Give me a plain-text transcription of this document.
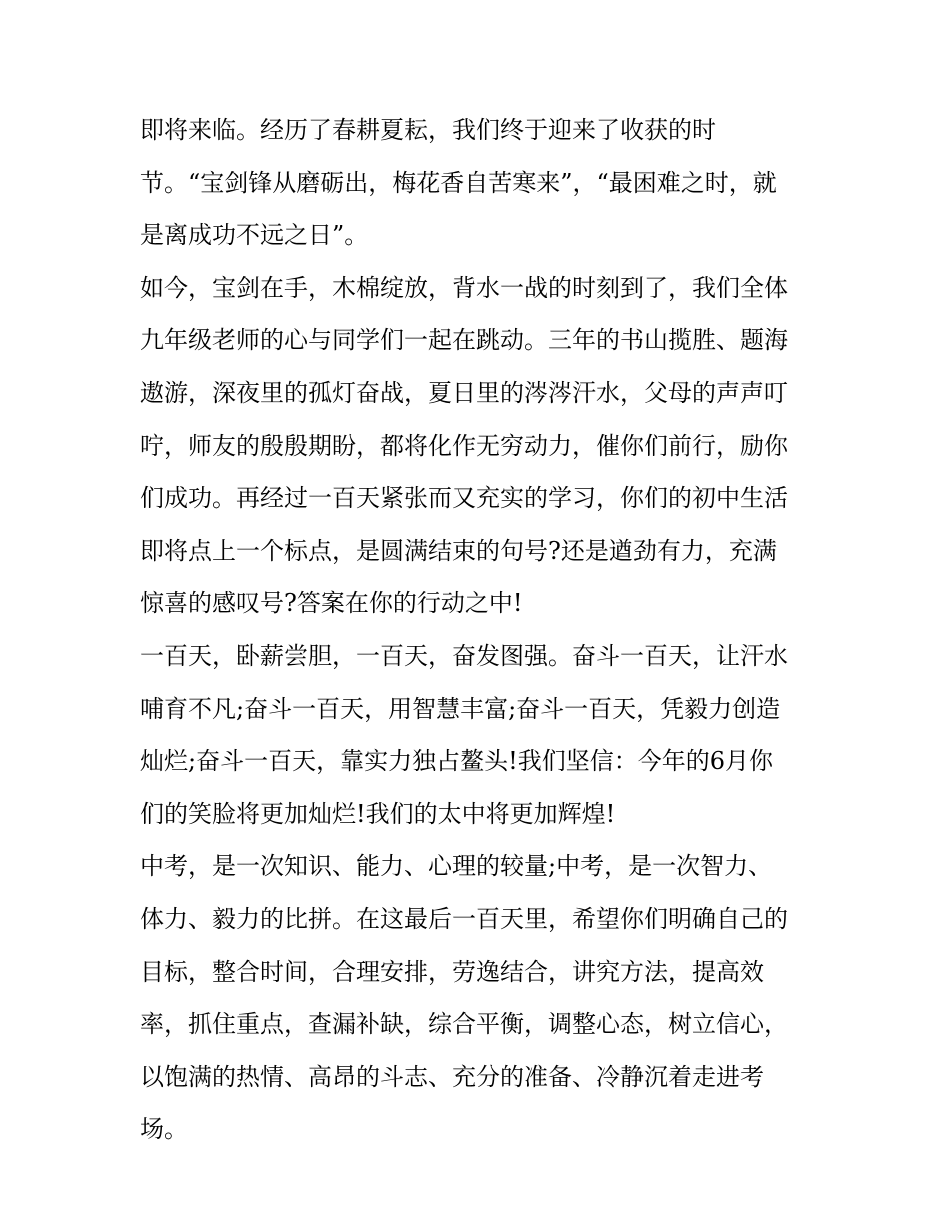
即将来临。经历了春耕夏耘，我们终于迎来了收获的时
节。“宝剑锋从磨砺出，梅花香自苦寒来”，“最困难之时，就
是离成功不远之日”。
如今，宝剑在手，木棉绽放，背水一战的时刻到了，我们全体
九年级老师的心与同学们一起在跳动。三年的书山揽胜、题海
遨游，深夜里的孤灯奋战，夏日里的涔涔汗水，父母的声声叮
咛，师友的殷殷期盼，都将化作无穷动力，催你们前行，励你
们成功。再经过一百天紧张而又充实的学习，你们的初中生活
即将点上一个标点，是圆满结束的句号?还是遒劲有力，充满
惊喜的感叹号?答案在你的行动之中!
一百天，卧薪尝胆，一百天，奋发图强。奋斗一百天，让汗水
哺育不凡;奋斗一百天，用智慧丰富;奋斗一百天，凭毅力创造
灿烂;奋斗一百天，靠实力独占鳌头!我们坚信：今年的6月你
们的笑脸将更加灿烂!我们的太中将更加辉煌!
中考，是一次知识、能力、心理的较量;中考，是一次智力、
体力、毅力的比拼。在这最后一百天里，希望你们明确自己的
目标，整合时间，合理安排，劳逸结合，讲究方法，提高效
率，抓住重点，查漏补缺，综合平衡，调整心态，树立信心，
以饱满的热情、高昂的斗志、充分的准备、冷静沉着走进考
场。
